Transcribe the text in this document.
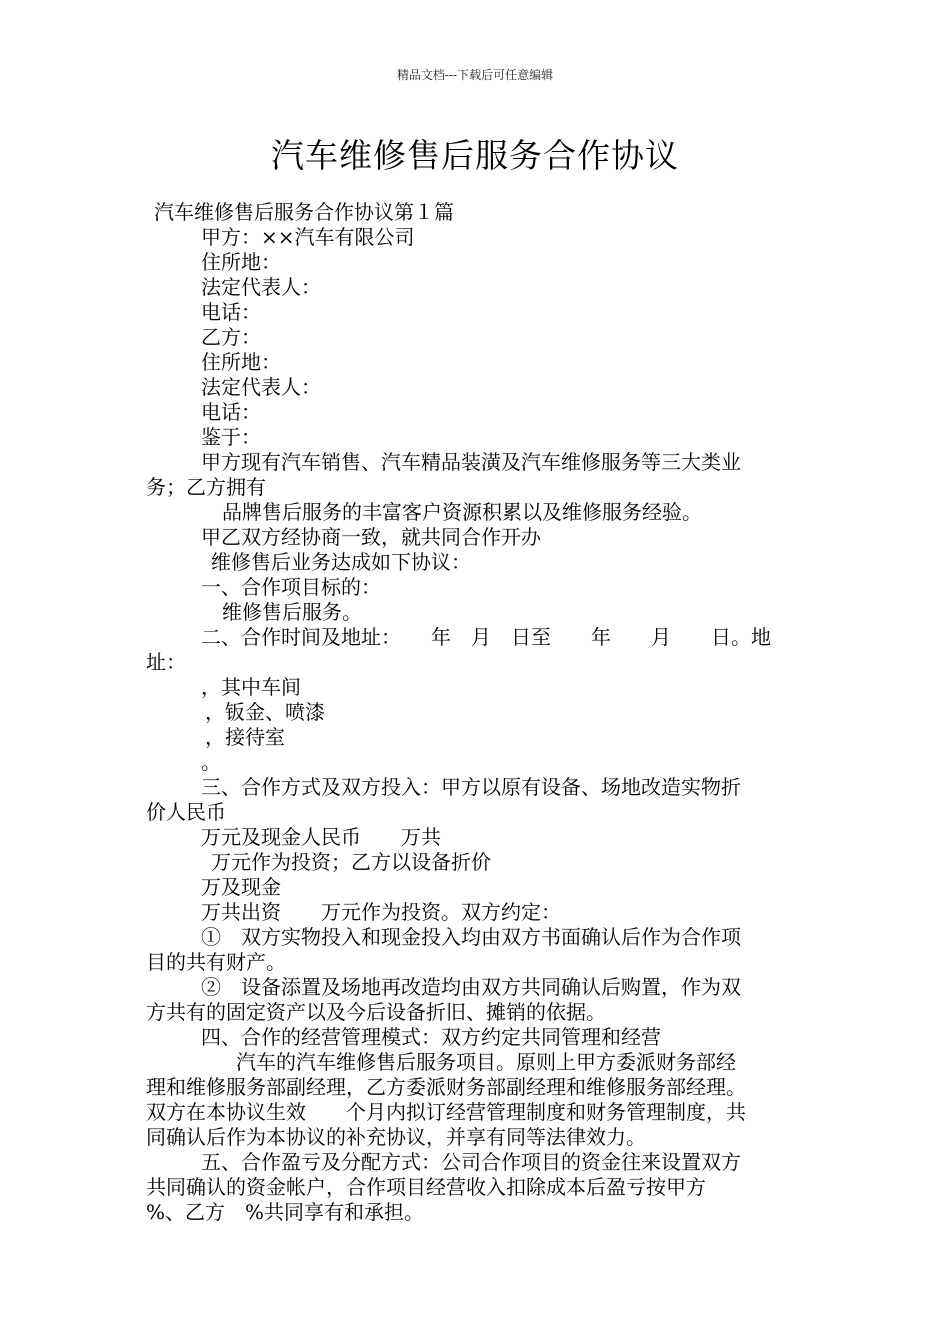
精品文档---下载后可任意编辑
汽车维修售后服务合作协议
汽车维修售后服务合作协议第１篇
甲方：××汽车有限公司
住所地：
法定代表人：
电话：
乙方：
住所地：
法定代表人：
电话：
鉴于：
甲方现有汽车销售、汽车精品装潢及汽车维修服务等三大类业
务；乙方拥有
品牌售后服务的丰富客户资源积累以及维修服务经验。
甲乙双方经协商一致，就共同合作开办
维修售后业务达成如下协议：
一、合作项目标的：
维修售后服务。
二、合作时间及地址：　　年　月　日至　　年　　月　　日。地
址：
，其中车间
，钣金、喷漆
，接待室
。
三、合作方式及双方投入：甲方以原有设备、场地改造实物折
价人民币
万元及现金人民币　　万共
万元作为投资；乙方以设备折价
万及现金
万共出资　　万元作为投资。双方约定：
①　双方实物投入和现金投入均由双方书面确认后作为合作项
目的共有财产。
②　设备添置及场地再改造均由双方共同确认后购置，作为双
方共有的固定资产以及今后设备折旧、摊销的依据。
四、合作的经营管理模式：双方约定共同管理和经营
汽车的汽车维修售后服务项目。原则上甲方委派财务部经
理和维修服务部副经理，乙方委派财务部副经理和维修服务部经理。
双方在本协议生效　　个月内拟订经营管理制度和财务管理制度，共
同确认后作为本协议的补充协议，并享有同等法律效力。
五、合作盈亏及分配方式：公司合作项目的资金往来设置双方
共同确认的资金帐户，合作项目经营收入扣除成本后盈亏按甲方
%、乙方　%共同享有和承担。
